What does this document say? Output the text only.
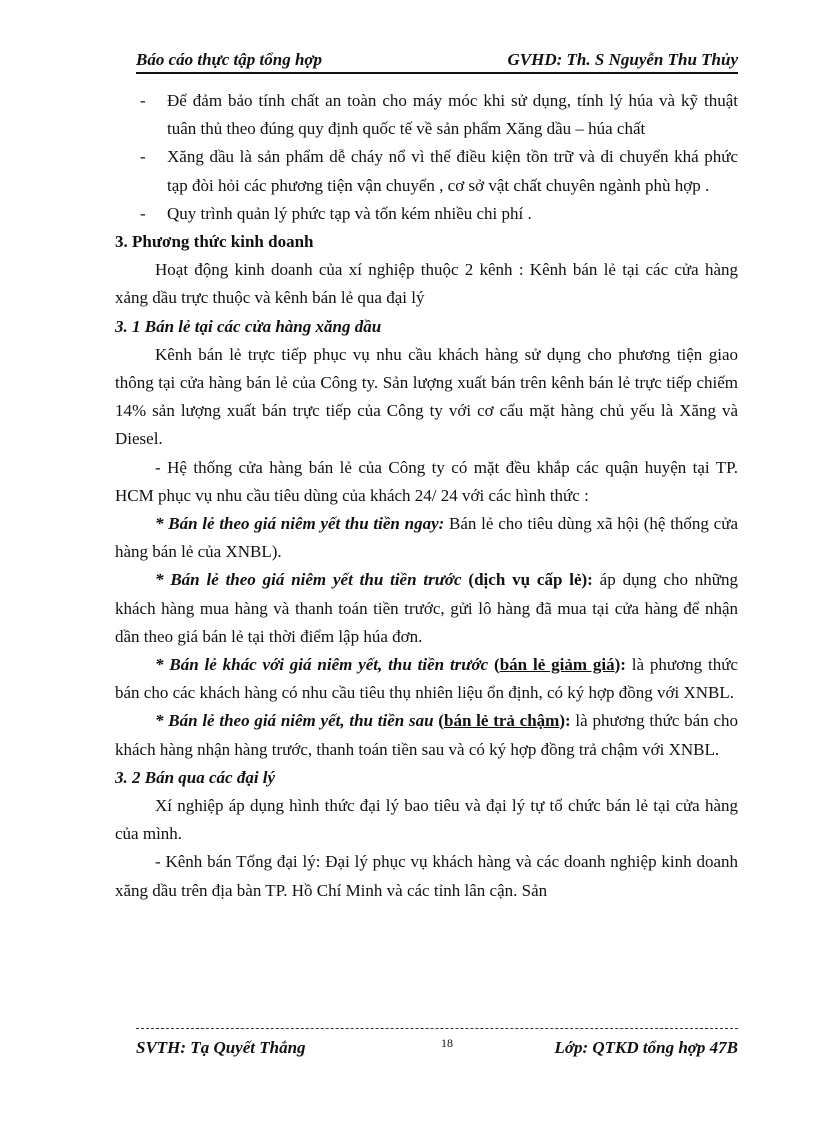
Báo cáo thực tập tổng hợp	GVHD: Th. S Nguyễn Thu Thủy

- Để đảm bảo tính chất an toàn cho máy móc khi sử dụng, tính lý húa và kỹ thuật tuân thủ theo đúng quy định quốc tế về sản phẩm Xăng dầu – húa chất

- Xăng dầu là sản phẩm dễ cháy nổ vì thế điều kiện tồn trữ và di chuyển khá phức tạp đòi hỏi các phương tiện vận chuyển , cơ sở vật chất chuyên ngành phù hợp .

- Quy trình quản lý phức tạp và tốn kém nhiều chi phí .

3. Phương thức kinh doanh

Hoạt động kinh doanh của xí nghiệp thuộc 2 kênh : Kênh bán lẻ tại các cửa hàng xảng dầu trực thuộc và kênh bán lẻ qua đại lý

3. 1 Bán lẻ tại các cửa hàng xăng dầu

Kênh bán lẻ trực tiếp phục vụ nhu cầu khách hàng sử dụng cho phương tiện giao thông tại cửa hàng bán lẻ của Công ty. Sản lượng xuất bán trên kênh bán lẻ trực tiếp chiếm 14% sản lượng xuất bán trực tiếp của Công ty với cơ cấu mặt hàng chủ yếu là Xăng và Diesel.

- Hệ thống cửa hàng bán lẻ của Công ty có mặt đều khắp các quận huyện tại TP. HCM phục vụ nhu cầu tiêu dùng của khách 24/ 24 với các hình thức :

* Bán lẻ theo giá niêm yết thu tiền ngay: Bán lẻ cho tiêu dùng xã hội (hệ thống cửa hàng bán lẻ của XNBL).

* Bán lẻ theo giá niêm yết thu tiền trước (dịch vụ cấp lẻ): áp dụng cho những khách hàng mua hàng và thanh toán tiền trước, gửi lô hàng đã mua tại cửa hàng để nhận dần theo giá bán lẻ tại thời điểm lập húa đơn.

* Bán lẻ khác với giá niêm yết, thu tiền trước (bán lẻ giảm giá): là phương thức bán cho các khách hàng có nhu cầu tiêu thụ nhiên liệu ổn định, có ký hợp đồng với XNBL.

* Bán lẻ theo giá niêm yết, thu tiền sau (bán lẻ trả chậm): là phương thức bán cho khách hàng nhận hàng trước, thanh toán tiền sau và có ký hợp đồng trả chậm với XNBL.

3. 2 Bán qua các đại lý

Xí nghiệp áp dụng hình thức đại lý bao tiêu và đại lý tự tổ chức bán lẻ tại cửa hàng của mình.

- Kênh bán Tổng đại lý: Đại lý phục vụ khách hàng và các doanh nghiệp kinh doanh xăng dầu trên địa bàn TP. Hồ Chí Minh và các tỉnh lân cận. Sản

SVTH: Tạ Quyết Thắng	18	Lớp: QTKD tổng hợp 47B
